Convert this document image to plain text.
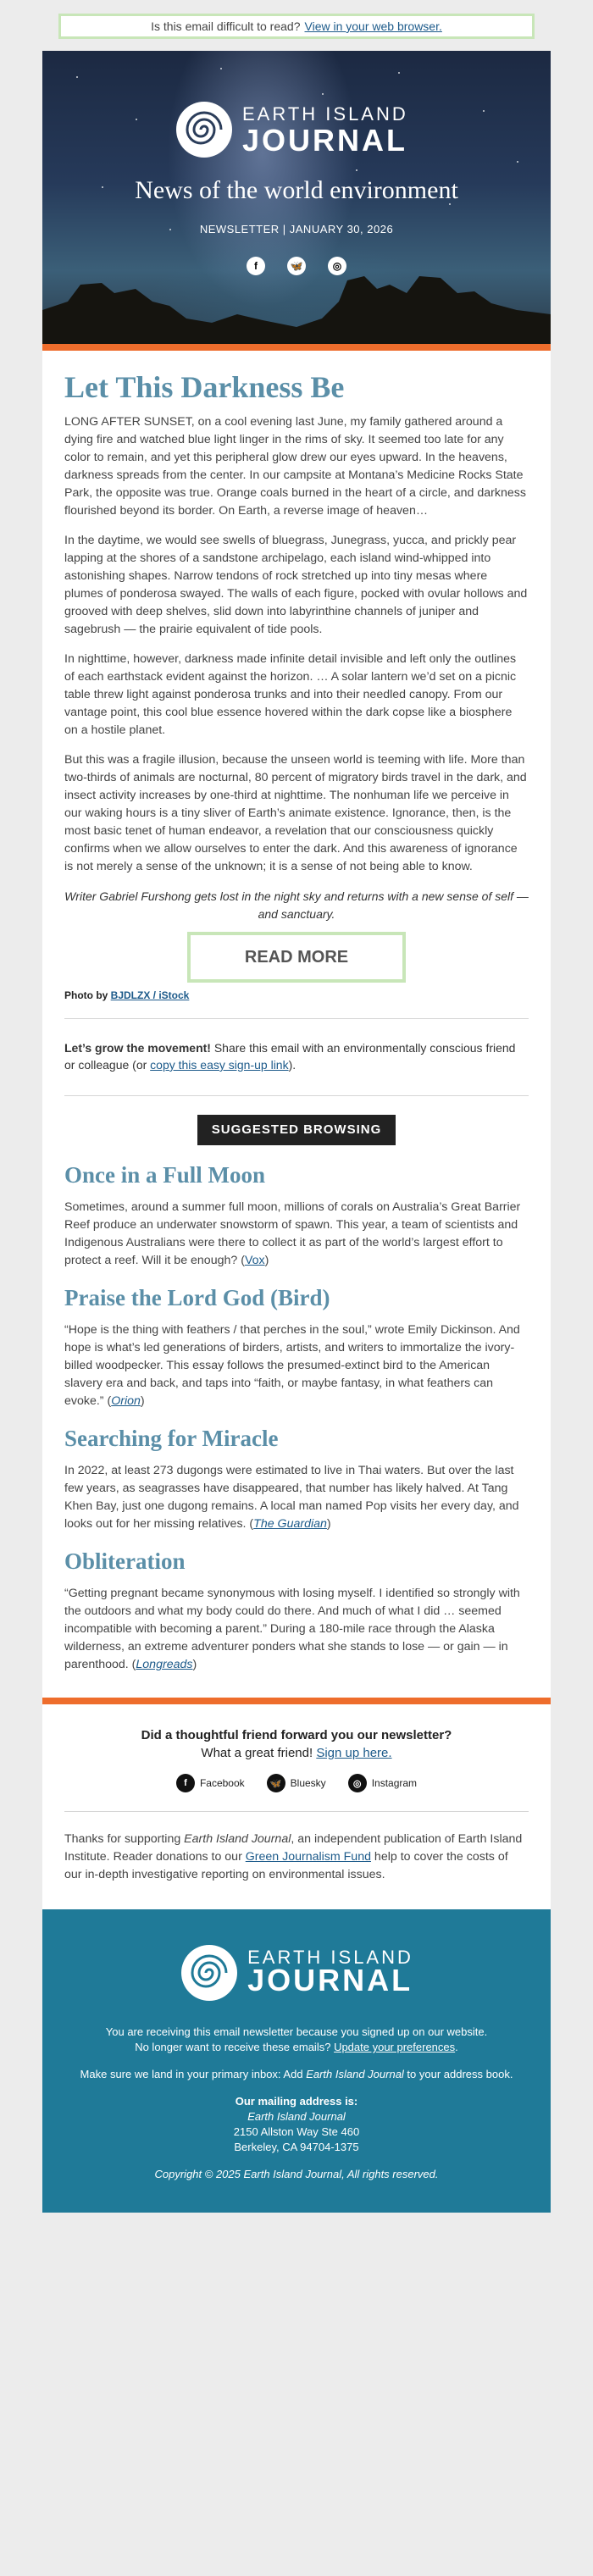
Is this email difficult to read? View in your web browser.
EARTH ISLAND
JOURNAL
News of the world environment
NEWSLETTER | JANUARY 30, 2026
f	🦋	◎
Let This Darkness Be

LONG AFTER SUNSET, on a cool evening last June, my family gathered around a dying fire and watched blue light linger in the rims of sky. It seemed too late for any color to remain, and yet this peripheral glow drew our eyes upward. In the heavens, darkness spreads from the center. In our campsite at Montana’s Medicine Rocks State Park, the opposite was true. Orange coals burned in the heart of a circle, and darkness flourished beyond its border. On Earth, a reverse image of heaven…

In the daytime, we would see swells of bluegrass, Junegrass, yucca, and prickly pear lapping at the shores of a sandstone archipelago, each island wind-whipped into astonishing shapes. Narrow tendons of rock stretched up into tiny mesas where plumes of ponderosa swayed. The walls of each figure, pocked with ovular hollows and grooved with deep shelves, slid down into labyrinthine channels of juniper and sagebrush — the prairie equivalent of tide pools.

In nighttime, however, darkness made infinite detail invisible and left only the outlines of each earthstack evident against the horizon. … A solar lantern we’d set on a picnic table threw light against ponderosa trunks and into their needled canopy. From our vantage point, this cool blue essence hovered within the dark copse like a biosphere on a hostile planet.

But this was a fragile illusion, because the unseen world is teeming with life. More than two-thirds of animals are nocturnal, 80 percent of migratory birds travel in the dark, and insect activity increases by one-third at nighttime. The nonhuman life we perceive in our waking hours is a tiny sliver of Earth’s animate existence. Ignorance, then, is the most basic tenet of human endeavor, a revelation that our consciousness quickly confirms when we allow ourselves to enter the dark. And this awareness of ignorance is not merely a sense of the unknown; it is a sense of not being able to know.

Writer Gabriel Furshong gets lost in the night sky and returns with a new sense of self — and sanctuary.
READ MORE
Photo by BJDLZX / iStock
Let’s grow the movement! Share this email with an environmentally conscious friend or colleague (or copy this easy sign-up link).
SUGGESTED BROWSING
Once in a Full Moon
Sometimes, around a summer full moon, millions of corals on Australia’s Great Barrier Reef produce an underwater snowstorm of spawn. This year, a team of scientists and Indigenous Australians were there to collect it as part of the world’s largest effort to protect a reef. Will it be enough? (Vox)
Praise the Lord God (Bird)
“Hope is the thing with feathers / that perches in the soul,” wrote Emily Dickinson. And hope is what’s led generations of birders, artists, and writers to immortalize the ivory-billed woodpecker. This essay follows the presumed-extinct bird to the American slavery era and back, and taps into “faith, or maybe fantasy, in what feathers can evoke.” (Orion)
Searching for Miracle
In 2022, at least 273 dugongs were estimated to live in Thai waters. But over the last few years, as seagrasses have disappeared, that number has likely halved. At Tang Khen Bay, just one dugong remains. A local man named Pop visits her every day, and looks out for her missing relatives. (The Guardian)
Obliteration
“Getting pregnant became synonymous with losing myself. I identified so strongly with the outdoors and what my body could do there. And much of what I did … seemed incompatible with becoming a parent.” During a 180-mile race through the Alaska wilderness, an extreme adventurer ponders what she stands to lose — or gain — in parenthood. (Longreads)
Did a thoughtful friend forward you our newsletter?
What a great friend! Sign up here.
f	Facebook	🦋 Bluesky	◎	Instagram
Thanks for supporting Earth Island Journal, an independent publication of Earth Island Institute. Reader donations to our Green Journalism Fund help to cover the costs of our in-depth investigative reporting on environmental issues.
EARTH ISLAND
JOURNAL
You are receiving this email newsletter because you signed up on our website.
No longer want to receive these emails? Update your preferences.
Make sure we land in your primary inbox: Add Earth Island Journal to your address book.
Our mailing address is:
Earth Island Journal
2150 Allston Way Ste 460
Berkeley, CA 94704-1375
Copyright © 2025 Earth Island Journal, All rights reserved.
